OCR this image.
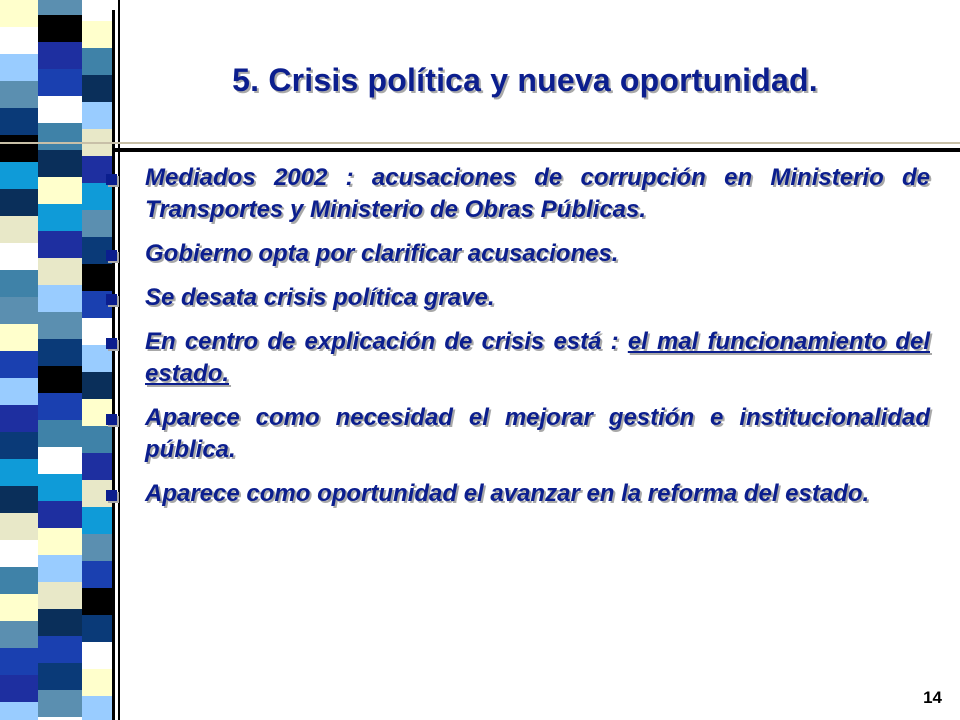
5. Crisis política y nueva oportunidad.
Mediados 2002 : acusaciones de corrupción en Ministerio de Transportes y Ministerio de Obras Públicas.
Gobierno opta por clarificar acusaciones.
Se desata crisis política grave.
En centro de explicación de crisis está : el mal funcionamiento del estado.
Aparece como necesidad el mejorar gestión e institucionalidad pública.
Aparece como oportunidad el avanzar en la reforma del estado.
14
